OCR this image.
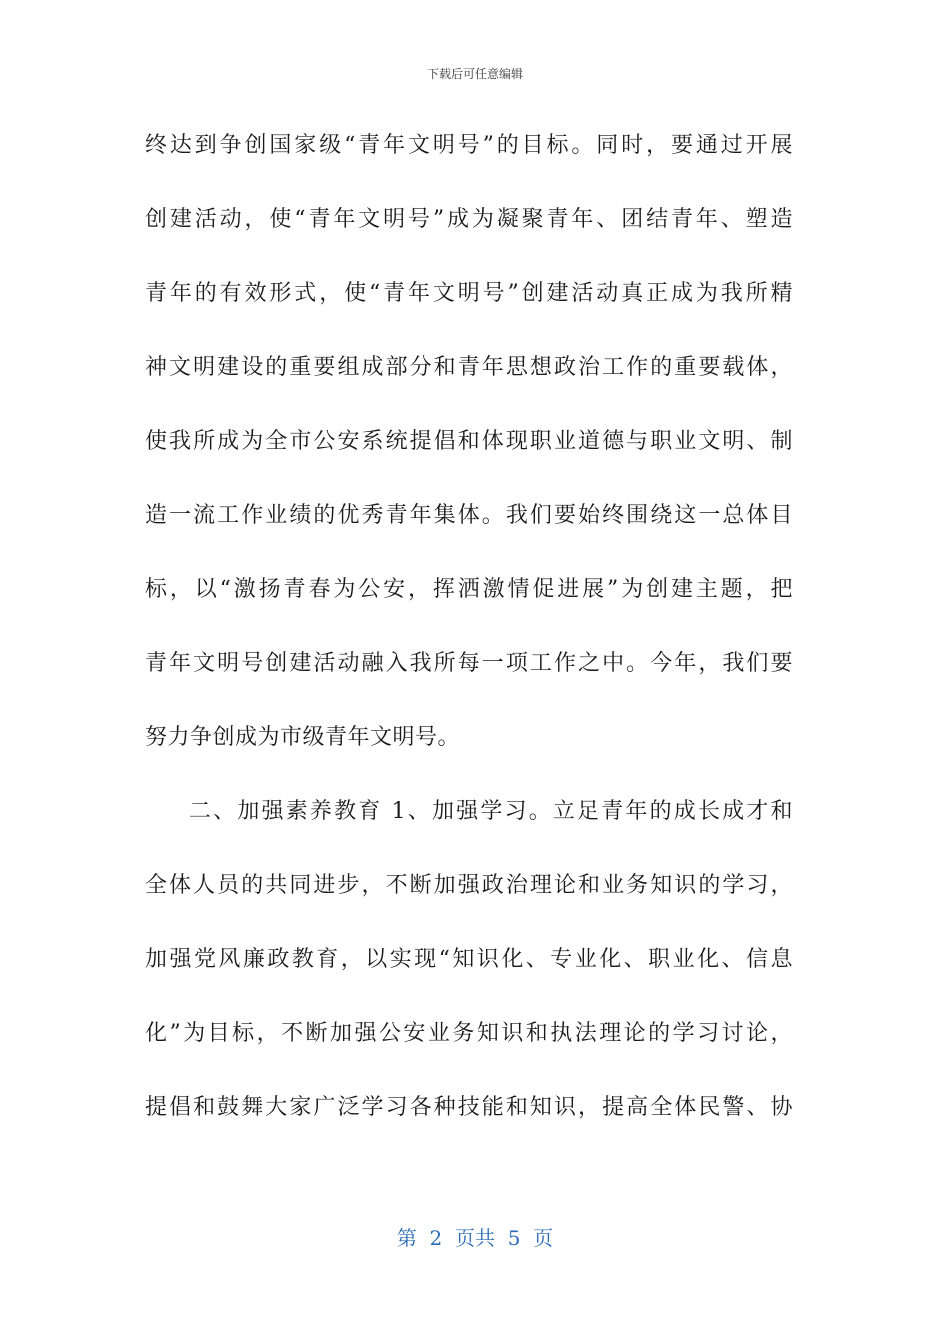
下载后可任意编辑
终达到争创国家级“青年文明号”的目标。同时，要通过开展
创建活动，使“青年文明号”成为凝聚青年、团结青年、塑造
青年的有效形式，使“青年文明号”创建活动真正成为我所精
神文明建设的重要组成部分和青年思想政治工作的重要载体，
使我所成为全市公安系统提倡和体现职业道德与职业文明、制
造一流工作业绩的优秀青年集体。我们要始终围绕这一总体目
标，以“激扬青春为公安，挥洒激情促进展”为创建主题，把
青年文明号创建活动融入我所每一项工作之中。今年，我们要
努力争创成为市级青年文明号。
二、加强素养教育 1、加强学习。立足青年的成长成才和
全体人员的共同进步，不断加强政治理论和业务知识的学习，
加强党风廉政教育，以实现“知识化、专业化、职业化、信息
化”为目标，不断加强公安业务知识和执法理论的学习讨论，
提倡和鼓舞大家广泛学习各种技能和知识，提高全体民警、协
第  2  页共  5  页
